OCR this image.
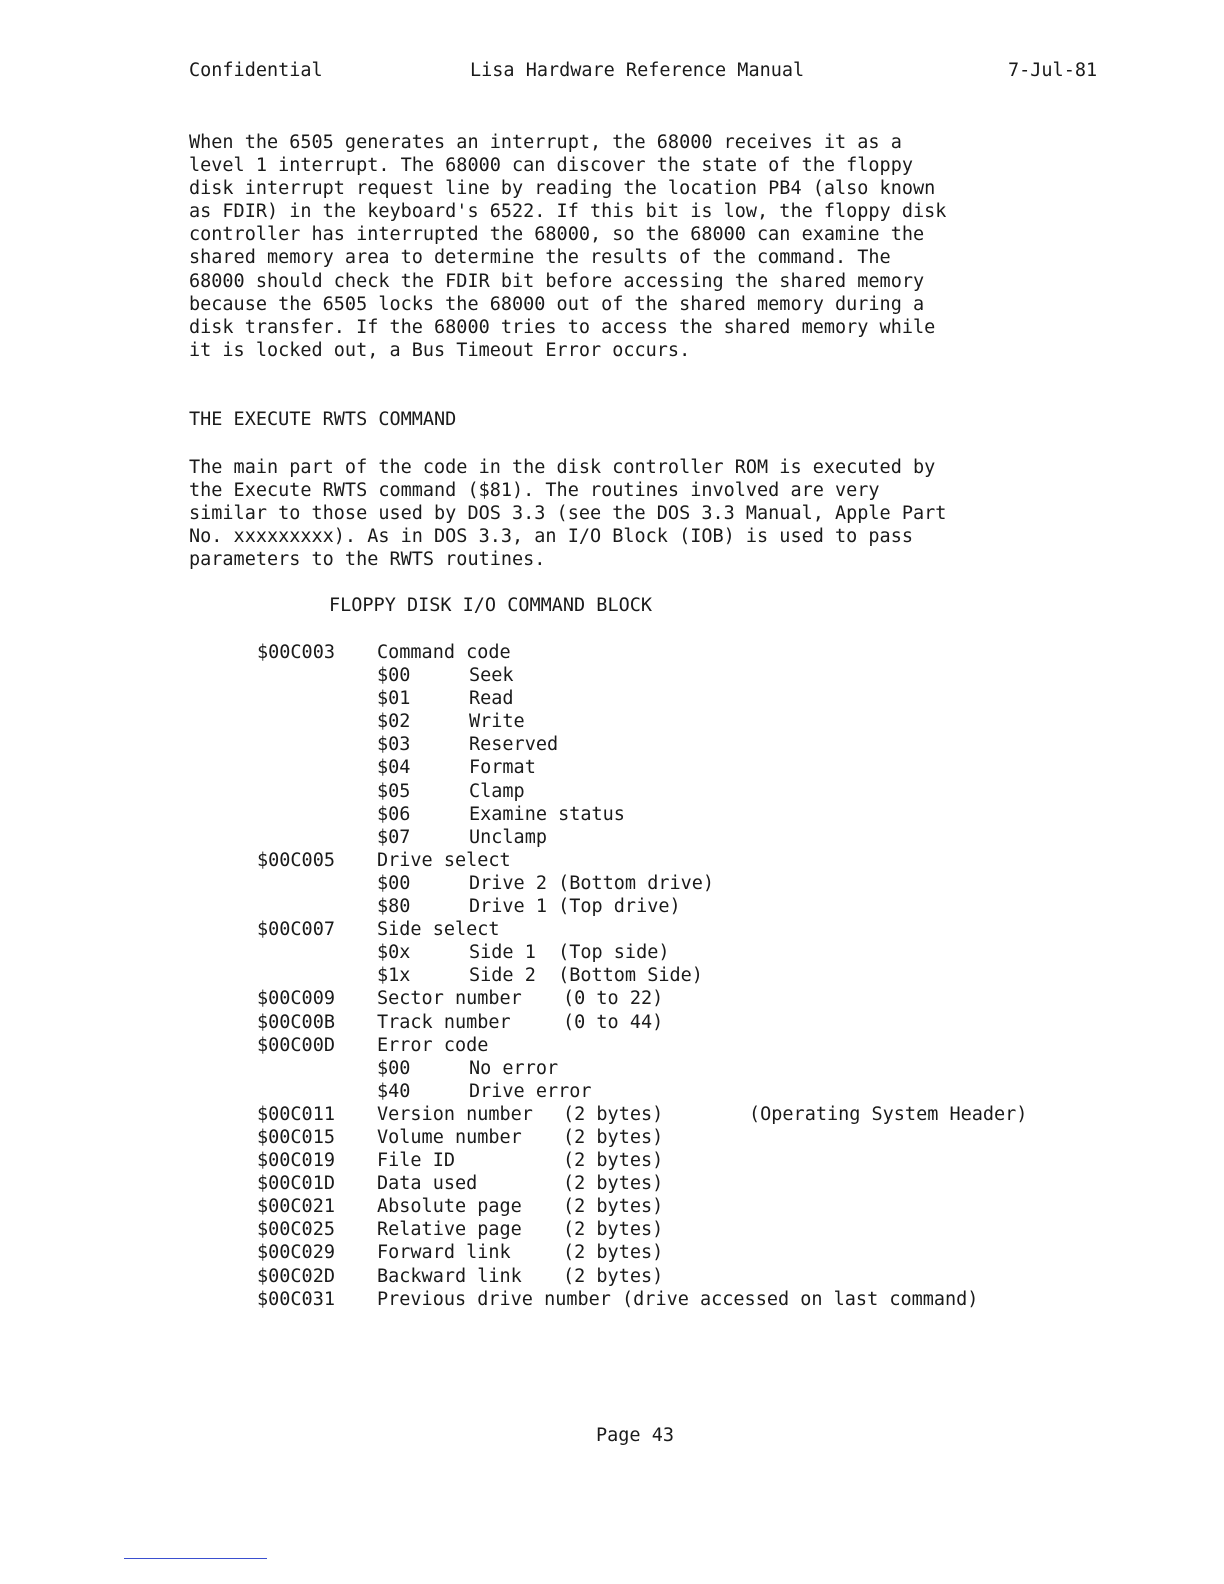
Confidential	Lisa Hardware Reference Manual	7-Jul-81

When the 6505 generates an interrupt, the 68000 receives it as a
level 1 interrupt. The 68000 can discover the state of the floppy
disk interrupt request line by reading the location PB4 (also known
as FDIR) in the keyboard's 6522. If this bit is low, the floppy disk
controller has interrupted the 68000, so the 68000 can examine the
shared memory area to determine the results of the command. The
68000 should check the FDIR bit before accessing the shared memory
because the 6505 locks the 68000 out of the shared memory during a
disk transfer. If the 68000 tries to access the shared memory while
it is locked out, a Bus Timeout Error occurs.

THE EXECUTE RWTS COMMAND

The main part of the code in the disk controller ROM is executed by
the Execute RWTS command ($81). The routines involved are very
similar to those used by DOS 3.3 (see the DOS 3.3 Manual, Apple Part
No. xxxxxxxxx). As in DOS 3.3, an I/O Block (IOB) is used to pass
parameters to the RWTS routines.

FLOPPY DISK I/O COMMAND BLOCK
$00C003	Command code
$00	Seek
$01	Read
$02	Write
$03	Reserved
$04	Format
$05	Clamp
$06	Examine status
$07	Unclamp
$00C005	Drive select
$00	Drive 2 (Bottom drive)
$80	Drive 1 (Top drive)
$00C007	Side select
$0x	Side 1  (Top side)
$1x	Side 2  (Bottom Side)
$00C009	Sector number	(0 to 22)
$00C00B	Track number	(0 to 44)
$00C00D	Error code
$00	No error
$40	Drive error
$00C011	Version number	(2 bytes)	(Operating System Header)
$00C015	Volume number	(2 bytes)
$00C019	File ID	(2 bytes)
$00C01D	Data used	(2 bytes)
$00C021	Absolute page	(2 bytes)
$00C025	Relative page	(2 bytes)
$00C029	Forward link	(2 bytes)
$00C02D	Backward link	(2 bytes)
$00C031	Previous drive number (drive accessed on last command)
Page 43
